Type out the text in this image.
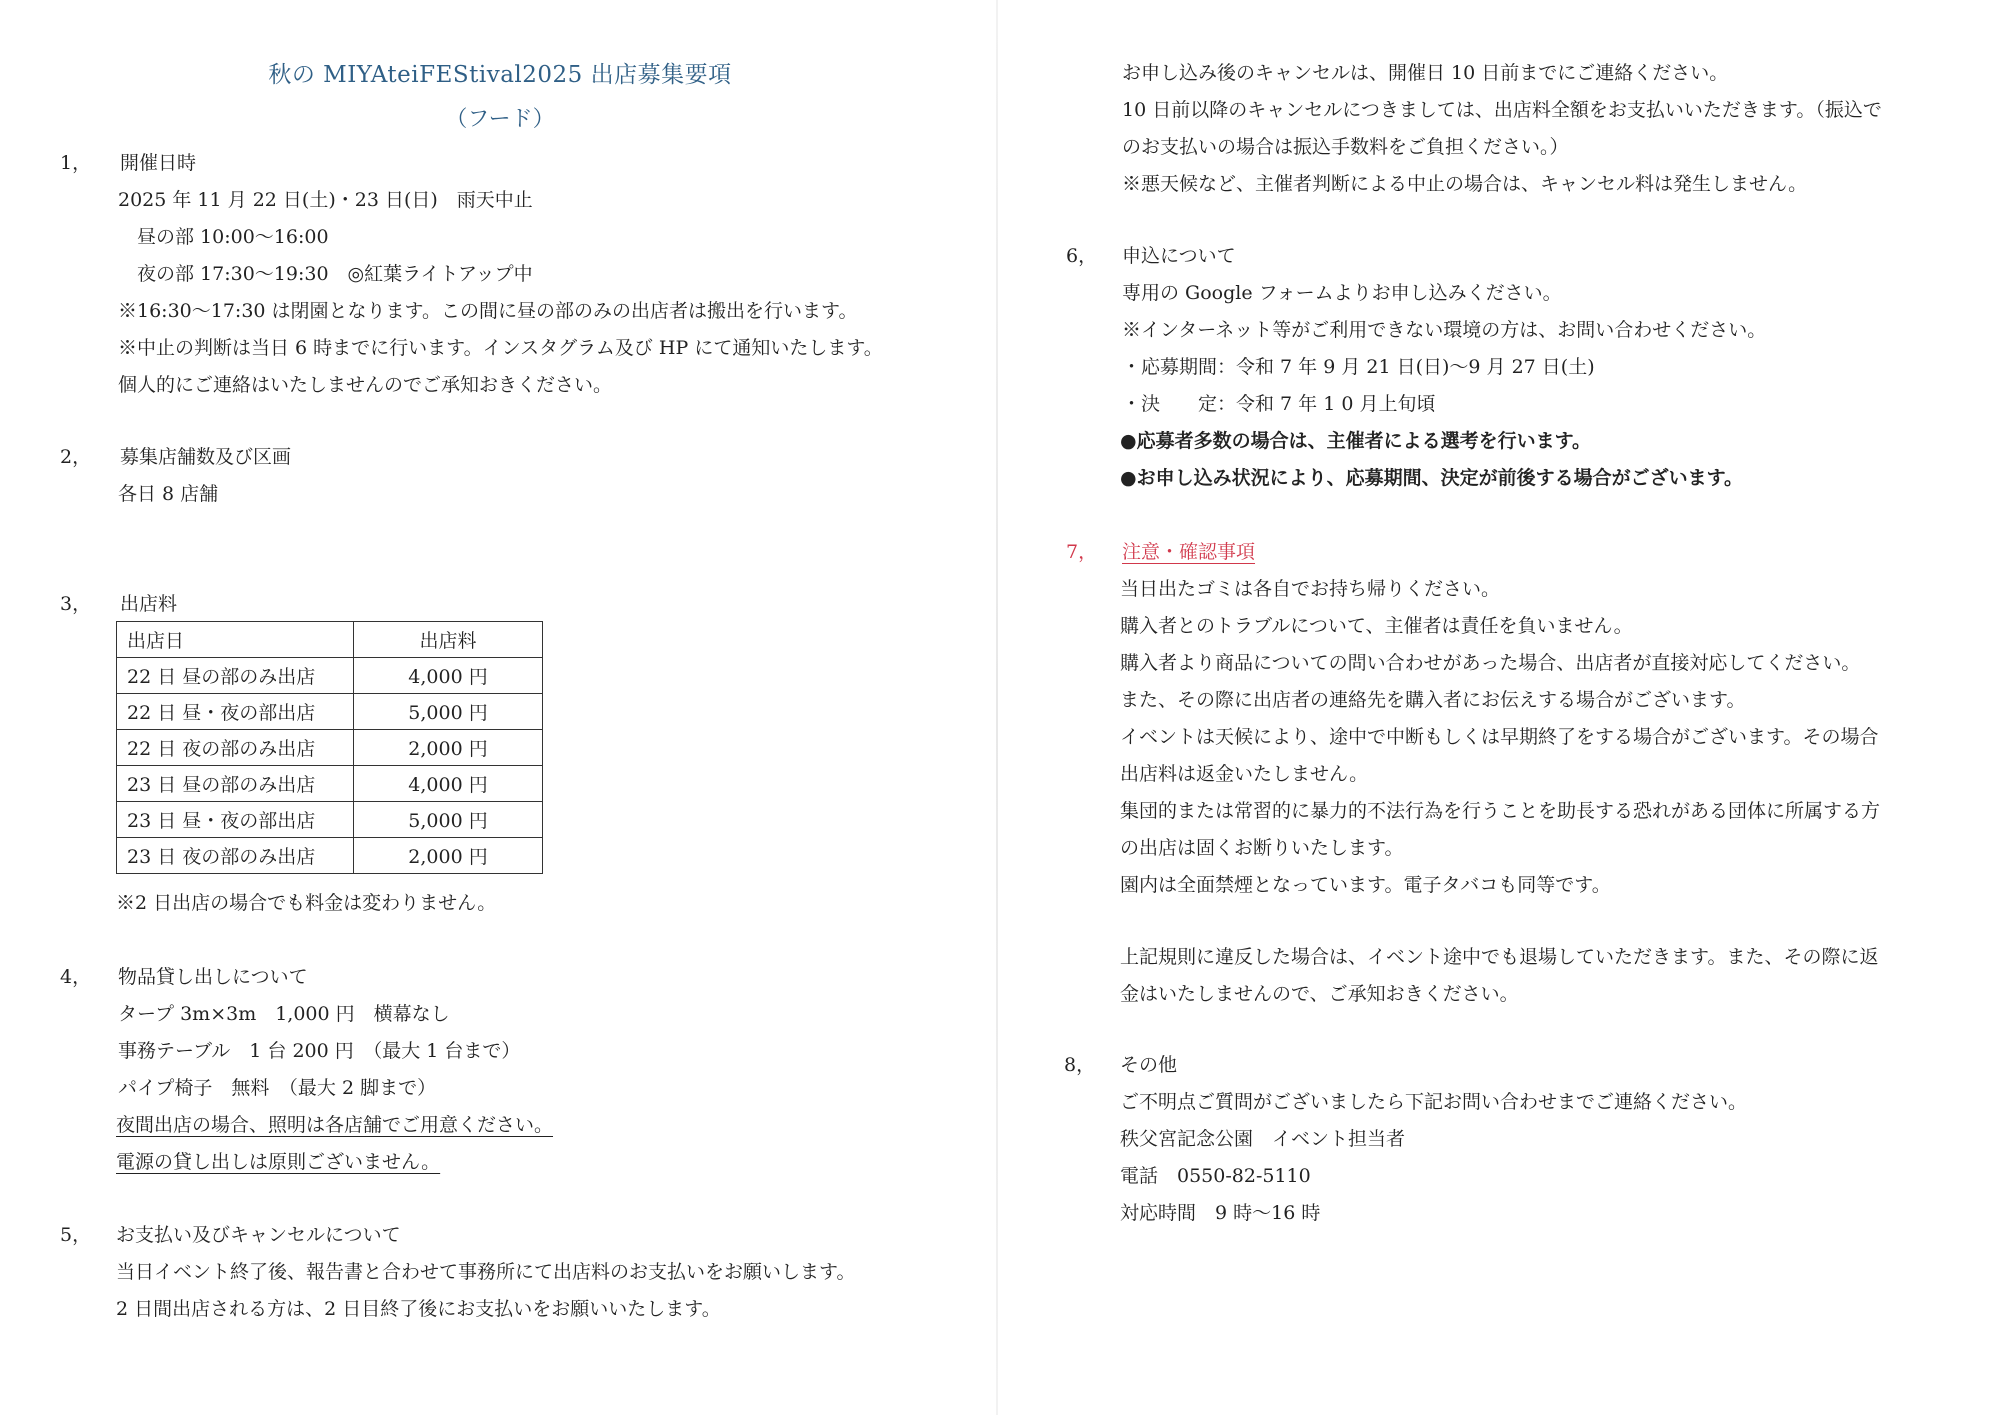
秋の MIYAteiFEStival2025 出店募集要項
（フード）
1， 開催日時
2025 年 11 月 22 日(土)・23 日(日)　雨天中止
　昼の部 10:00～16:00
　夜の部 17:30～19:30　◎紅葉ライトアップ中
※16:30～17:30 は閉園となります。この間に昼の部のみの出店者は搬出を行います。
※中止の判断は当日 6 時までに行います。インスタグラム及び HP にて通知いたします。
個人的にご連絡はいたしませんのでご承知おきください。
2， 募集店舗数及び区画
各日 8 店舗
3， 出店料
出店日	出店料
22 日 昼の部のみ出店	4,000 円
22 日 昼・夜の部出店	5,000 円
22 日 夜の部のみ出店	2,000 円
23 日 昼の部のみ出店	4,000 円
23 日 昼・夜の部出店	5,000 円
23 日 夜の部のみ出店	2,000 円
※2 日出店の場合でも料金は変わりません。
4， 物品貸し出しについて
タープ 3m×3m　1,000 円　横幕なし
事務テーブル　1 台 200 円　（最大 1 台まで）
パイプ椅子　無料　（最大 2 脚まで）
夜間出店の場合、照明は各店舗でご用意ください。
電源の貸し出しは原則ございません。
5， お支払い及びキャンセルについて
当日イベント終了後、報告書と合わせて事務所にて出店料のお支払いをお願いします。
2 日間出店される方は、2 日目終了後にお支払いをお願いいたします。
お申し込み後のキャンセルは、開催日 10 日前までにご連絡ください。
10 日前以降のキャンセルにつきましては、出店料全額をお支払いいただきます。（振込で
のお支払いの場合は振込手数料をご負担ください。）
※悪天候など、主催者判断による中止の場合は、キャンセル料は発生しません。
6， 申込について
専用の Google フォームよりお申し込みください。
※インターネット等がご利用できない環境の方は、お問い合わせください。
・応募期間：令和 7 年 9 月 21 日(日)～9 月 27 日(土)
・決　　定：令和 7 年 1 0 月上旬頃
●応募者多数の場合は、主催者による選考を行います。
●お申し込み状況により、応募期間、決定が前後する場合がございます。
7， 注意・確認事項
当日出たゴミは各自でお持ち帰りください。
購入者とのトラブルについて、主催者は責任を負いません。
購入者より商品についての問い合わせがあった場合、出店者が直接対応してください。
また、その際に出店者の連絡先を購入者にお伝えする場合がございます。
イベントは天候により、途中で中断もしくは早期終了をする場合がございます。その場合
出店料は返金いたしません。
集団的または常習的に暴力的不法行為を行うことを助長する恐れがある団体に所属する方
の出店は固くお断りいたします。
園内は全面禁煙となっています。電子タバコも同等です。
上記規則に違反した場合は、イベント途中でも退場していただきます。また、その際に返
金はいたしませんので、ご承知おきください。
8， その他
ご不明点ご質問がございましたら下記お問い合わせまでご連絡ください。
秩父宮記念公園　イベント担当者
電話　0550-82-5110
対応時間　9 時～16 時
